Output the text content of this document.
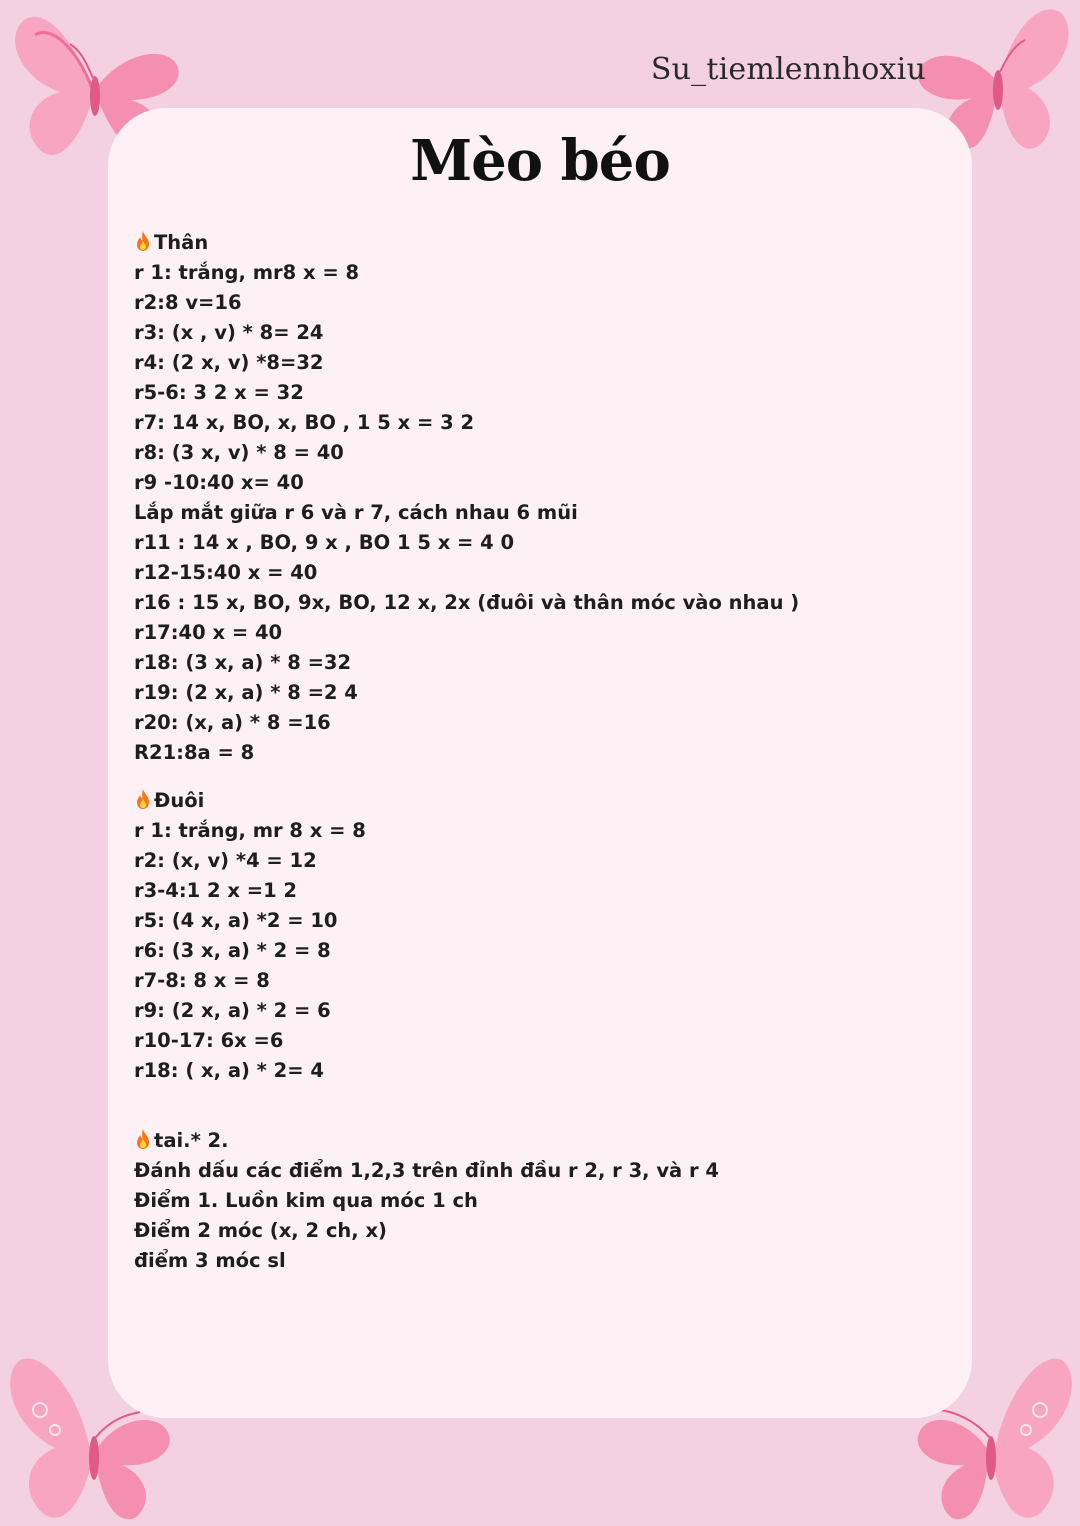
Su_tiemlennhoxiu
Mèo béo
Thân
r 1: trắng, mr8 x = 8
r2:8 v=16
r3: (x , v) * 8= 24
r4: (2 x, v) *8=32
r5-6: 3 2 x = 32
r7: 14 x, BO, x, BO , 1 5 x = 3 2
r8: (3 x, v) * 8 = 40
r9 -10:40 x= 40
Lắp mắt giữa r 6 và r 7, cách nhau 6 mũi
r11 : 14 x , BO, 9 x , BO 1 5 x = 4 0
r12-15:40 x = 40
r16 : 15 x, BO, 9x, BO, 12 x, 2x (đuôi và thân móc vào nhau )
r17:40 x = 40
r18: (3 x, a) * 8 =32
r19: (2 x, a) * 8 =2 4
r20: (x, a) * 8 =16
R21:8a = 8
Đuôi
r 1: trắng, mr 8 x = 8
r2: (x, v) *4 = 12
r3-4:1 2 x =1 2
r5: (4 x, a) *2 = 10
r6: (3 x, a) * 2 = 8
r7-8: 8 x = 8
r9: (2 x, a) * 2 = 6
r10-17: 6x =6
r18: ( x, a) * 2= 4
tai.* 2.
Đánh dấu các điểm 1,2,3 trên đỉnh đầu r 2, r 3, và r 4
Điểm 1. Luồn kim qua móc 1 ch
Điểm 2 móc (x, 2 ch, x)
điểm 3 móc sl
